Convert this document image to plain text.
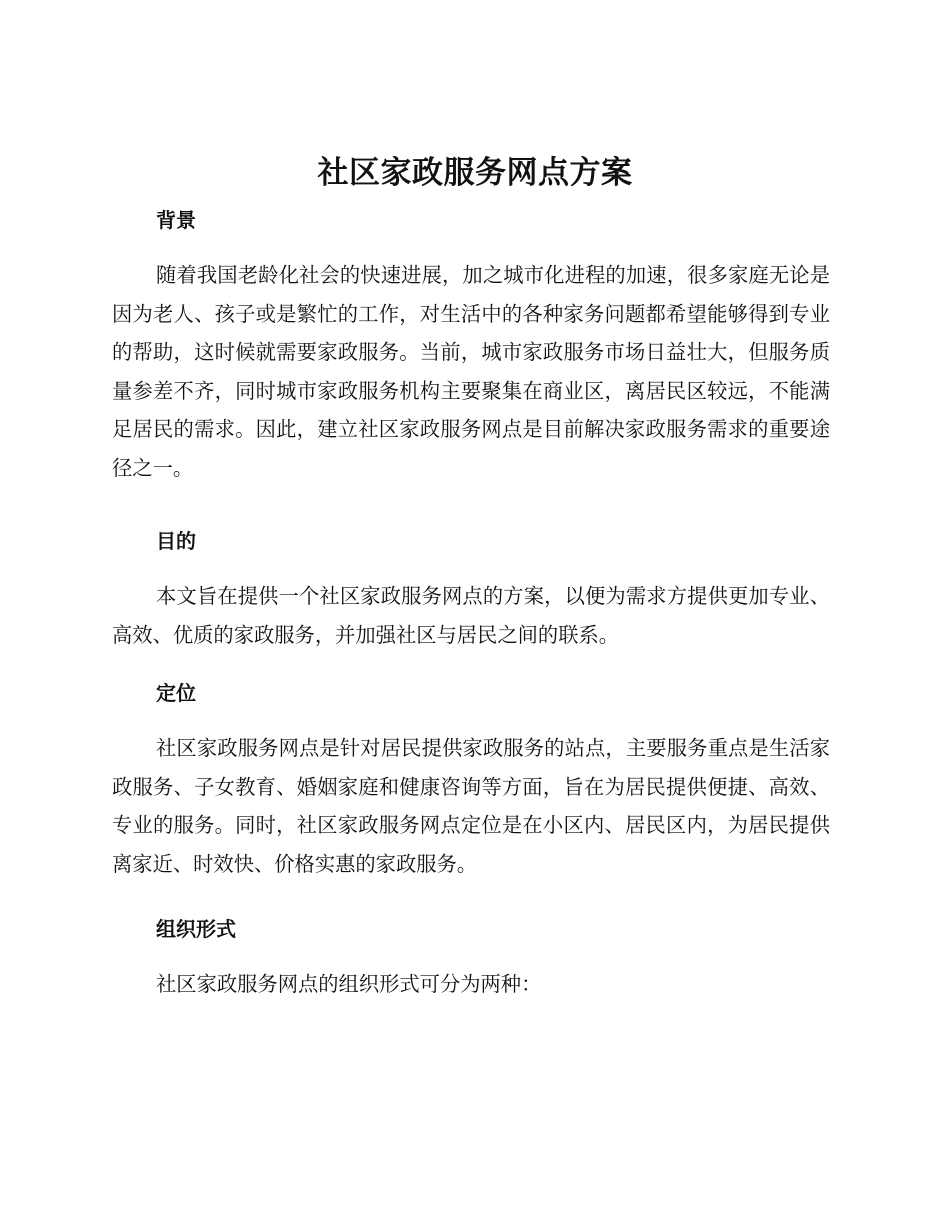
社区家政服务网点方案
背景

随着我国老龄化社会的快速进展，加之城市化进程的加速，很多家庭无论是因为老人、孩子或是繁忙的工作，对生活中的各种家务问题都希望能够得到专业的帮助，这时候就需要家政服务。当前，城市家政服务市场日益壮大，但服务质量参差不齐，同时城市家政服务机构主要聚集在商业区，离居民区较远，不能满足居民的需求。因此，建立社区家政服务网点是目前解决家政服务需求的重要途径之一。

目的

本文旨在提供一个社区家政服务网点的方案，以便为需求方提供更加专业、高效、优质的家政服务，并加强社区与居民之间的联系。

定位

社区家政服务网点是针对居民提供家政服务的站点，主要服务重点是生活家政服务、子女教育、婚姻家庭和健康咨询等方面，旨在为居民提供便捷、高效、专业的服务。同时，社区家政服务网点定位是在小区内、居民区内，为居民提供离家近、时效快、价格实惠的家政服务。

组织形式

社区家政服务网点的组织形式可分为两种：
